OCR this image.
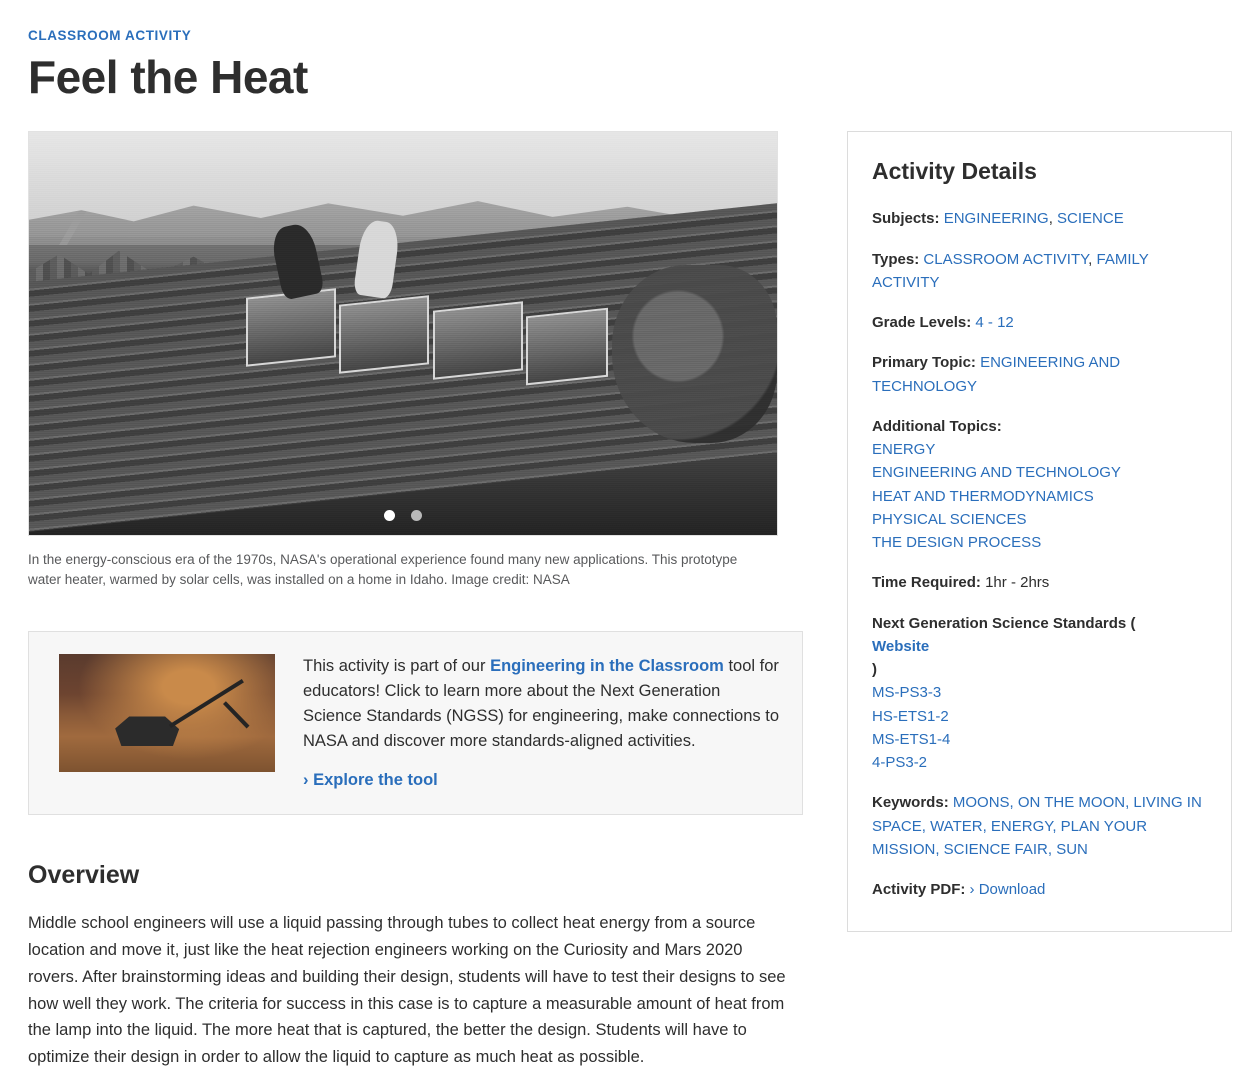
CLASSROOM ACTIVITY
Feel the Heat

In the energy-conscious era of the 1970s, NASA's operational experience found many new applications. This prototype water heater, warmed by solar cells, was installed on a home in Idaho. Image credit: NASA

This activity is part of our Engineering in the Classroom tool for educators! Click to learn more about the Next Generation Science Standards (NGSS) for engineering, make connections to NASA and discover more standards-aligned activities.
› Explore the tool
Overview

Middle school engineers will use a liquid passing through tubes to collect heat energy from a source location and move it, just like the heat rejection engineers working on the Curiosity and Mars 2020 rovers. After brainstorming ideas and building their design, students will have to test their designs to see how well they work. The criteria for success in this case is to capture a measurable amount of heat from the lamp into the liquid. The more heat that is captured, the better the design. Students will have to optimize their design in order to allow the liquid to capture as much heat as possible.

Activity Details
Subjects: ENGINEERING, SCIENCE
Types: CLASSROOM ACTIVITY, FAMILY ACTIVITY
Grade Levels: 4 - 12
Primary Topic: ENGINEERING AND TECHNOLOGY
Additional Topics:
ENERGY
ENGINEERING AND TECHNOLOGY
HEAT AND THERMODYNAMICS
PHYSICAL SCIENCES
THE DESIGN PROCESS
Time Required: 1hr - 2hrs
Next Generation Science Standards (
Website
)
MS-PS3-3
HS-ETS1-2
MS-ETS1-4
4-PS3-2
Keywords: MOONS, ON THE MOON, LIVING IN SPACE, WATER, ENERGY, PLAN YOUR MISSION, SCIENCE FAIR, SUN
Activity PDF: › Download
